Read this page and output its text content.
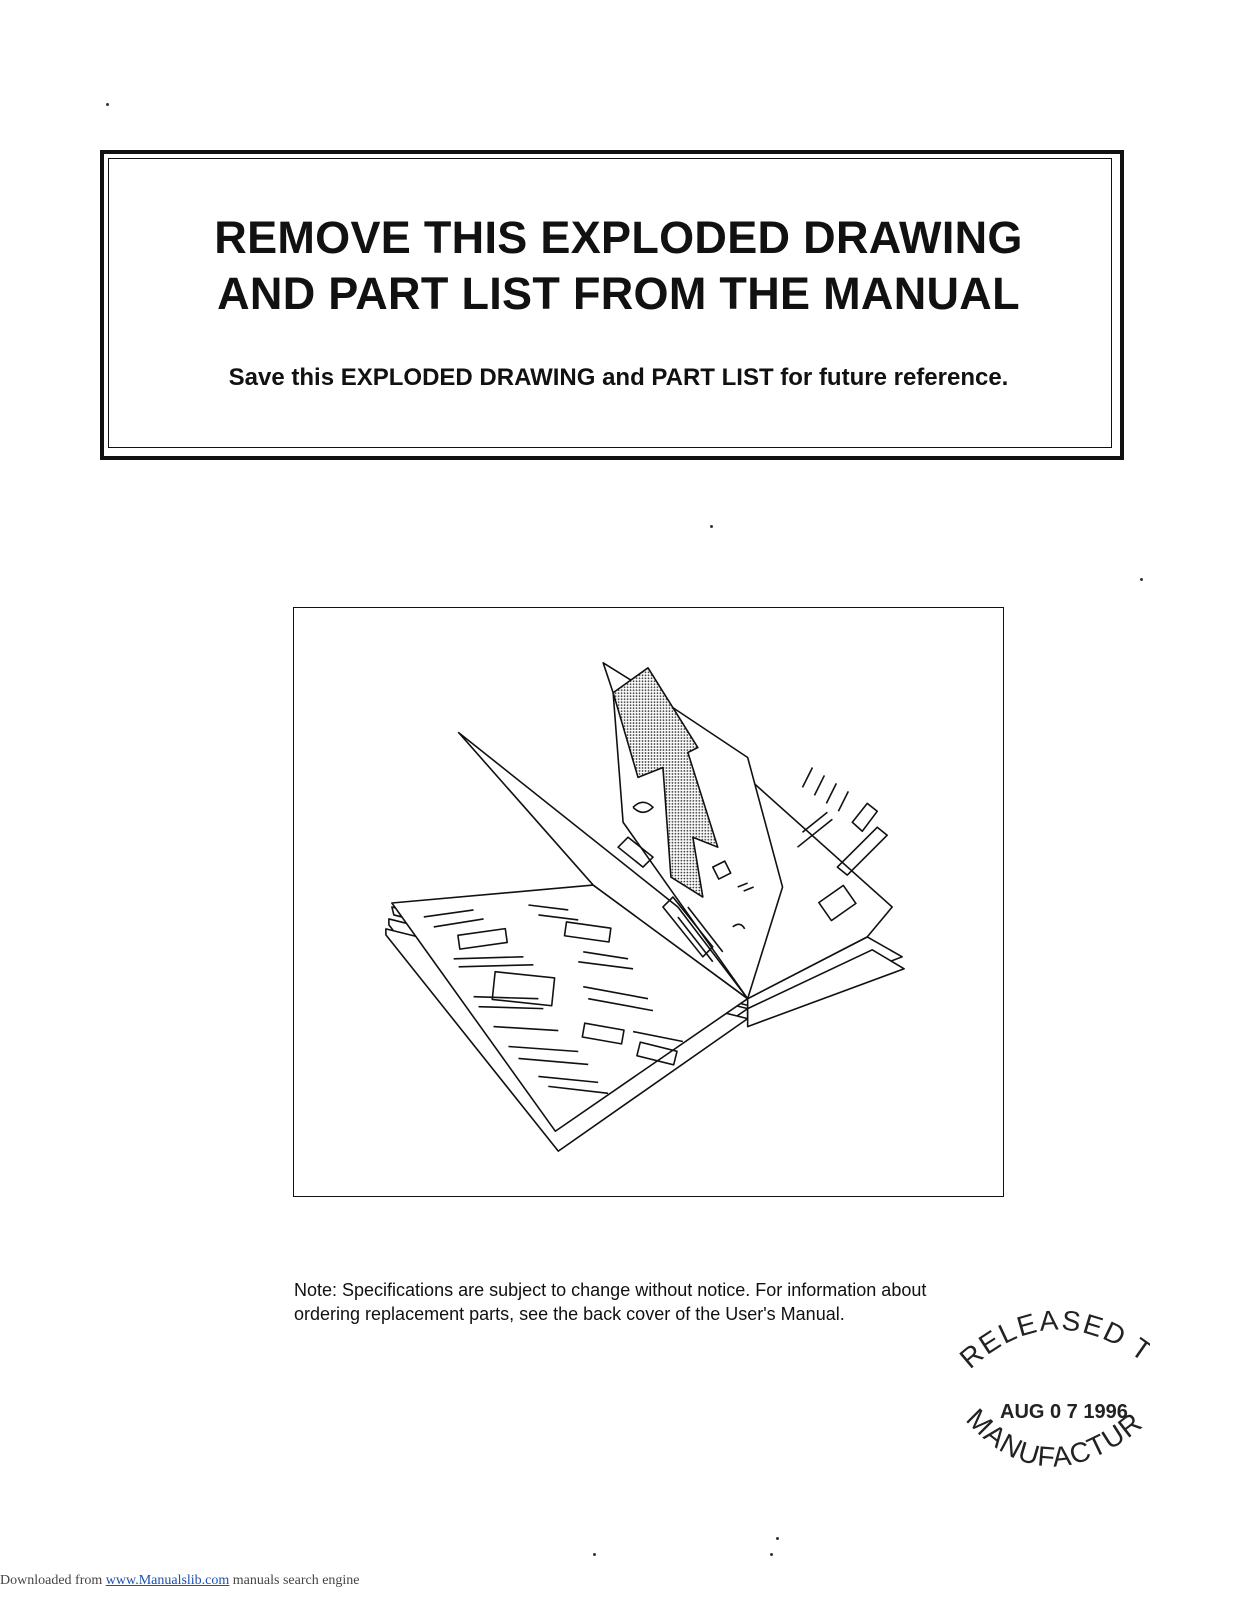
REMOVE THIS EXPLODED DRAWING
AND PART LIST FROM THE MANUAL

Save this EXPLODED DRAWING and PART LIST for future reference.

Note: Specifications are subject to change without notice. For information about
ordering replacement parts, see the back cover of the User's Manual.

RELEASED
AUG 0 7 1996
MANUFACTUR
Downloaded from www.Manualslib.com manuals search engine
